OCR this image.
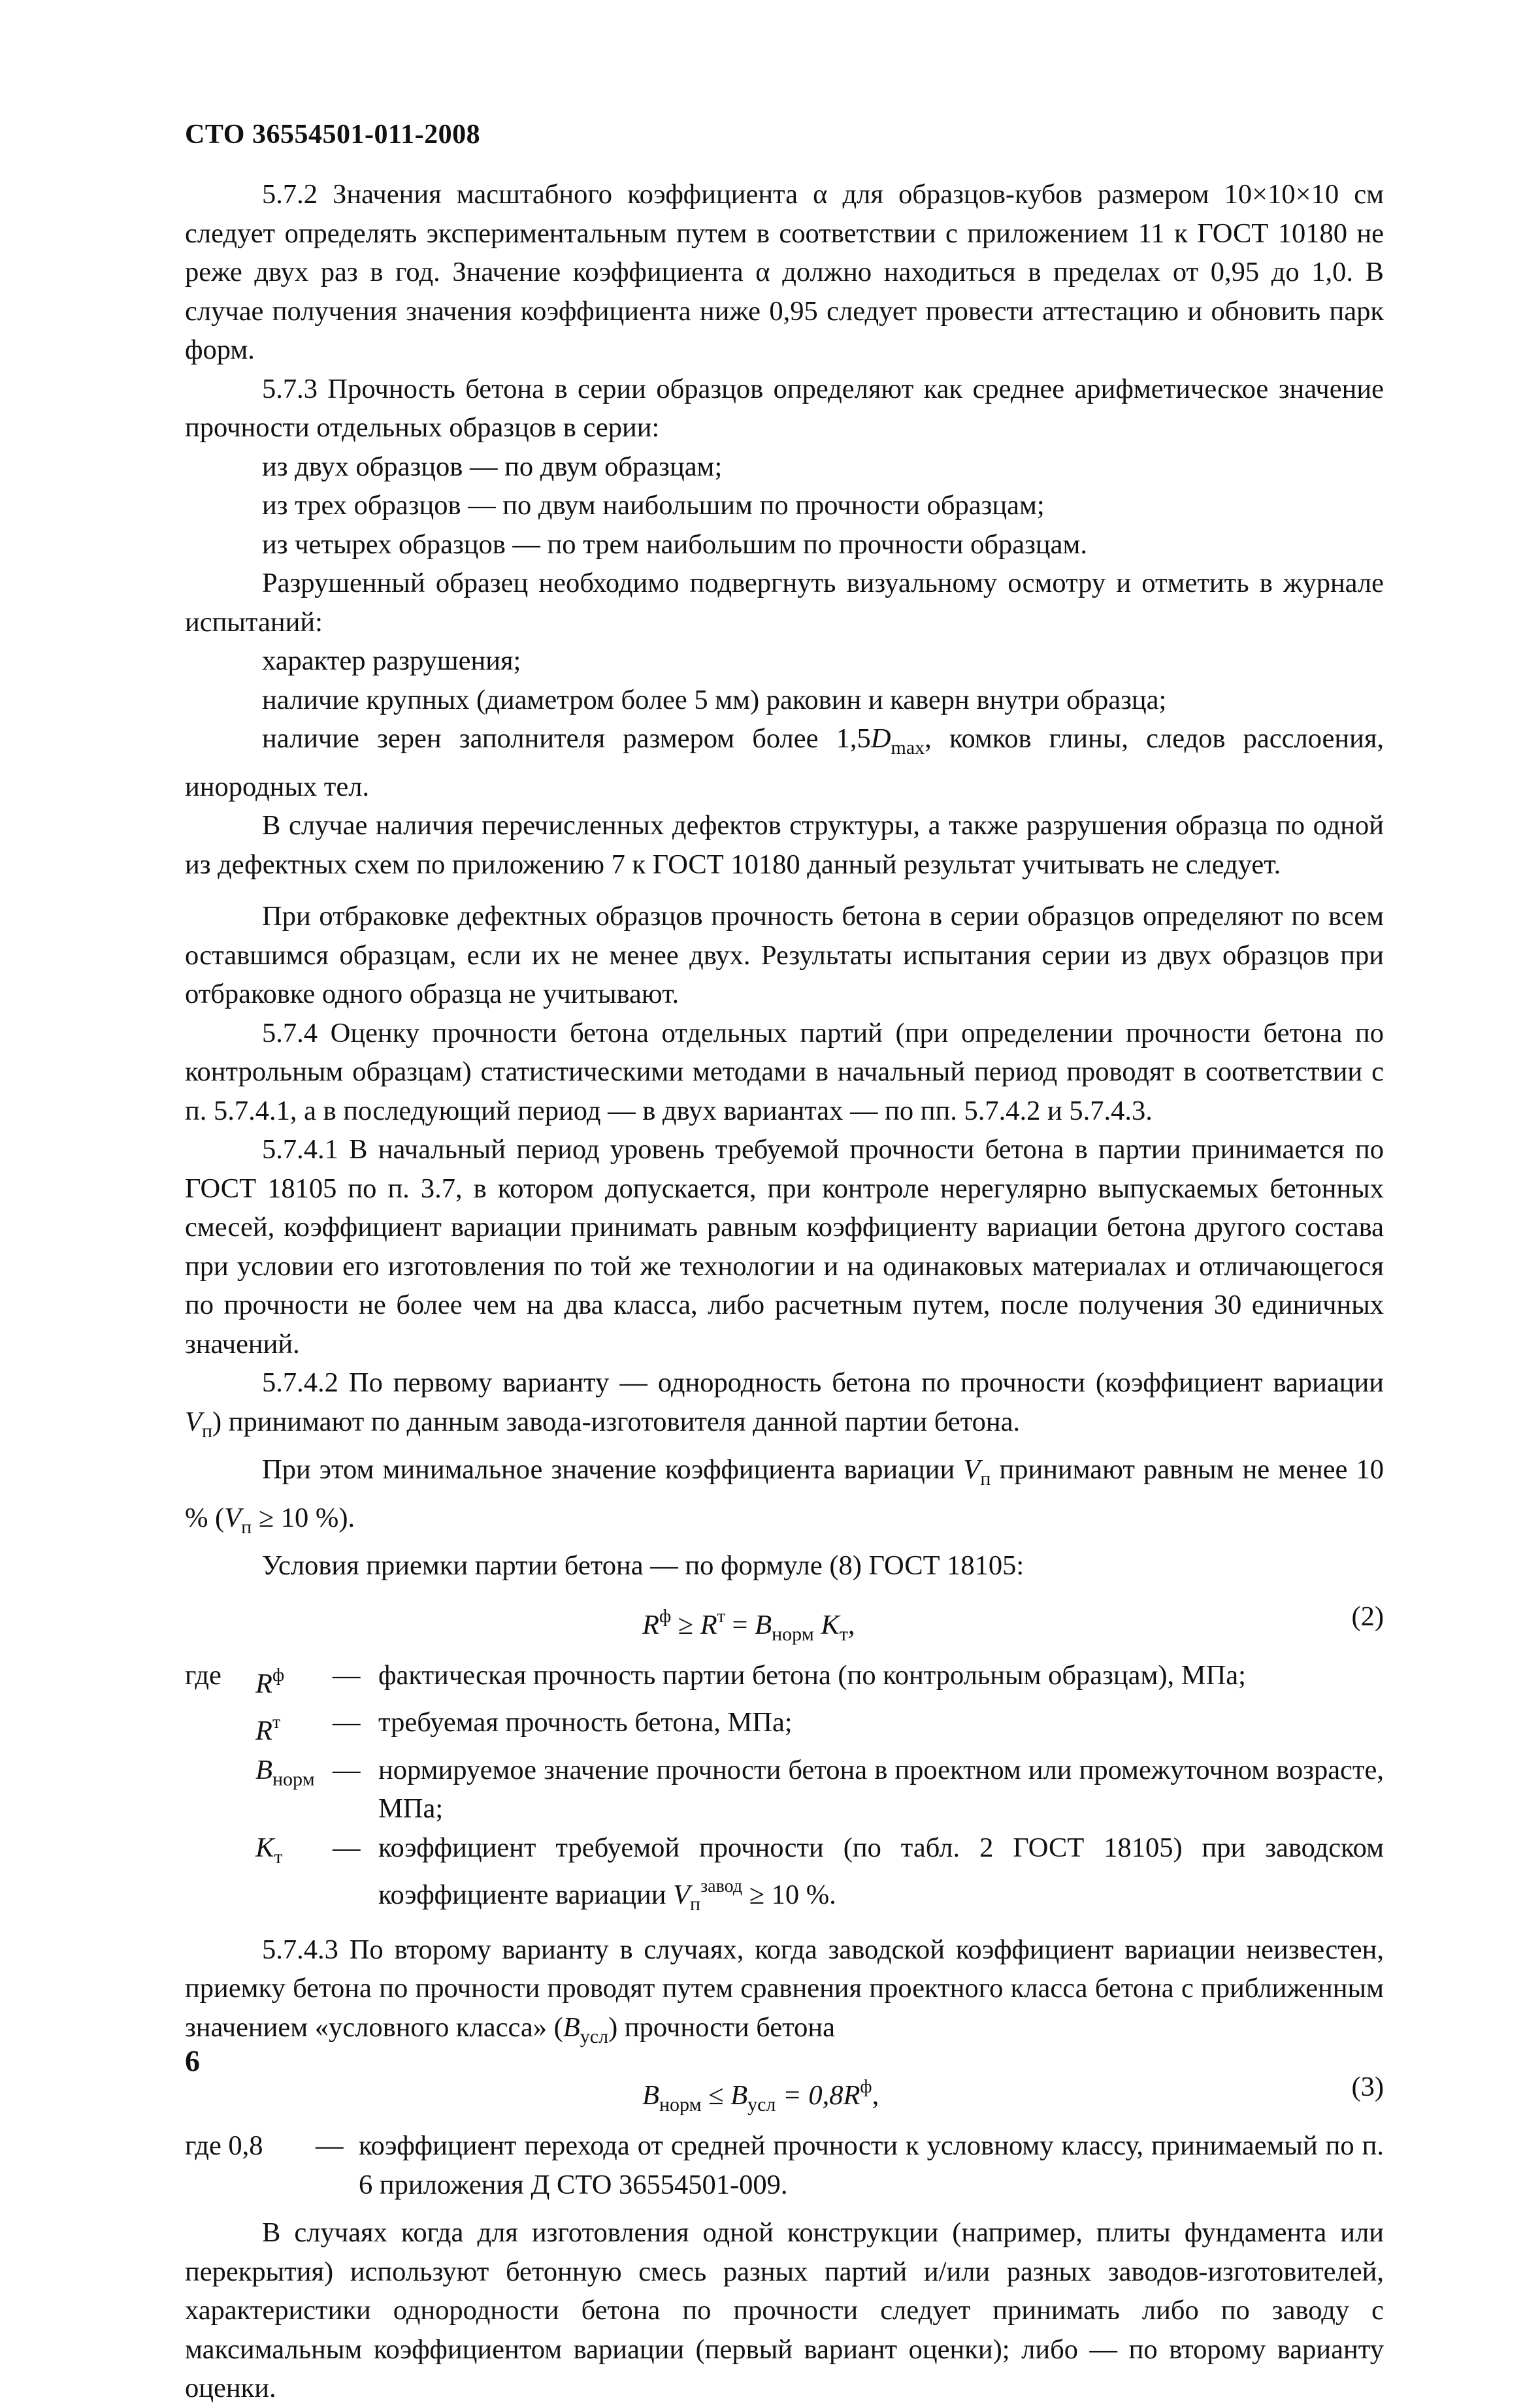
СТО 36554501-011-2008

5.7.2 Значения масштабного коэффициента α для образцов-кубов размером 10×10×10 см следует определять экспериментальным путем в соответствии с приложением 11 к ГОСТ 10180 не реже двух раз в год. Значение коэффициента α должно находиться в пределах от 0,95 до 1,0. В случае получения значения коэффициента ниже 0,95 следует провести аттестацию и обновить парк форм.

5.7.3 Прочность бетона в серии образцов определяют как среднее арифметическое значение прочности отдельных образцов в серии:

из двух образцов — по двум образцам;

из трех образцов — по двум наибольшим по прочности образцам;

из четырех образцов — по трем наибольшим по прочности образцам.

Разрушенный образец необходимо подвергнуть визуальному осмотру и отметить в журнале испытаний:

характер разрушения;

наличие крупных (диаметром более 5 мм) раковин и каверн внутри образца;

наличие зерен заполнителя размером более $1,5D_{max}$, комков глины, следов расслоения, инородных тел.

В случае наличия перечисленных дефектов структуры, а также разрушения образца по одной из дефектных схем по приложению 7 к ГОСТ 10180 данный результат учитывать не следует.

При отбраковке дефектных образцов прочность бетона в серии образцов определяют по всем оставшимся образцам, если их не менее двух. Результаты испытания серии из двух образцов при отбраковке одного образца не учитывают.

5.7.4 Оценку прочности бетона отдельных партий (при определении прочности бетона по контрольным образцам) статистическими методами в начальный период проводят в соответствии с п. 5.7.4.1, а в последующий период — в двух вариантах — по пп. 5.7.4.2 и 5.7.4.3.

5.7.4.1 В начальный период уровень требуемой прочности бетона в партии принимается по ГОСТ 18105 по п. 3.7, в котором допускается, при контроле нерегулярно выпускаемых бетонных смесей, коэффициент вариации принимать равным коэффициенту вариации бетона другого состава при условии его изготовления по той же технологии и на одинаковых материалах и отличающегося по прочности не более чем на два класса, либо расчетным путем, после получения 30 единичных значений.

5.7.4.2 По первому варианту — однородность бетона по прочности (коэффициент вариации $V_п$) принимают по данным завода-изготовителя данной партии бетона.

При этом минимальное значение коэффициента вариации $V_п$ принимают равным не менее 10 % ($V_п \ge 10$ %).

Условия приемки партии бетона — по формуле (8) ГОСТ 18105:

$R^ф \ge R^т = B_{норм}$ $K_т$,	(2)
где	$R^ф$	— фактическая прочность партии бетона (по контрольным образцам), МПа;
$R^т$	— требуемая прочность бетона, МПа;
$B_{норм}$ — нормируемое значение прочности бетона в проектном или промежуточном возрасте, МПа;
$K_т$	— коэффициент требуемой прочности (по табл. 2 ГОСТ 18105) при заводском коэффициенте вариации $V_п^{завод} \ge 10$ %.

5.7.4.3 По второму варианту в случаях, когда заводской коэффициент вариации неизвестен, приемку бетона по прочности проводят путем сравнения проектного класса бетона с приближенным значением «условного класса» $(B_{усл})$ прочности бетона

$B_{норм} \le B_{усл} = 0,8R^ф$,	(3)
где 0,8	— коэффициент перехода от средней прочности к условному классу, принимаемый по п. 6 приложения Д СТО 36554501-009.

В случаях когда для изготовления одной конструкции (например, плиты фундамента или перекрытия) используют бетонную смесь разных партий и/или разных заводов-изготовителей, характеристики однородности бетона по прочности следует принимать либо по заводу с максимальным коэффициентом вариации (первый вариант оценки); либо — по второму варианту оценки.

6
